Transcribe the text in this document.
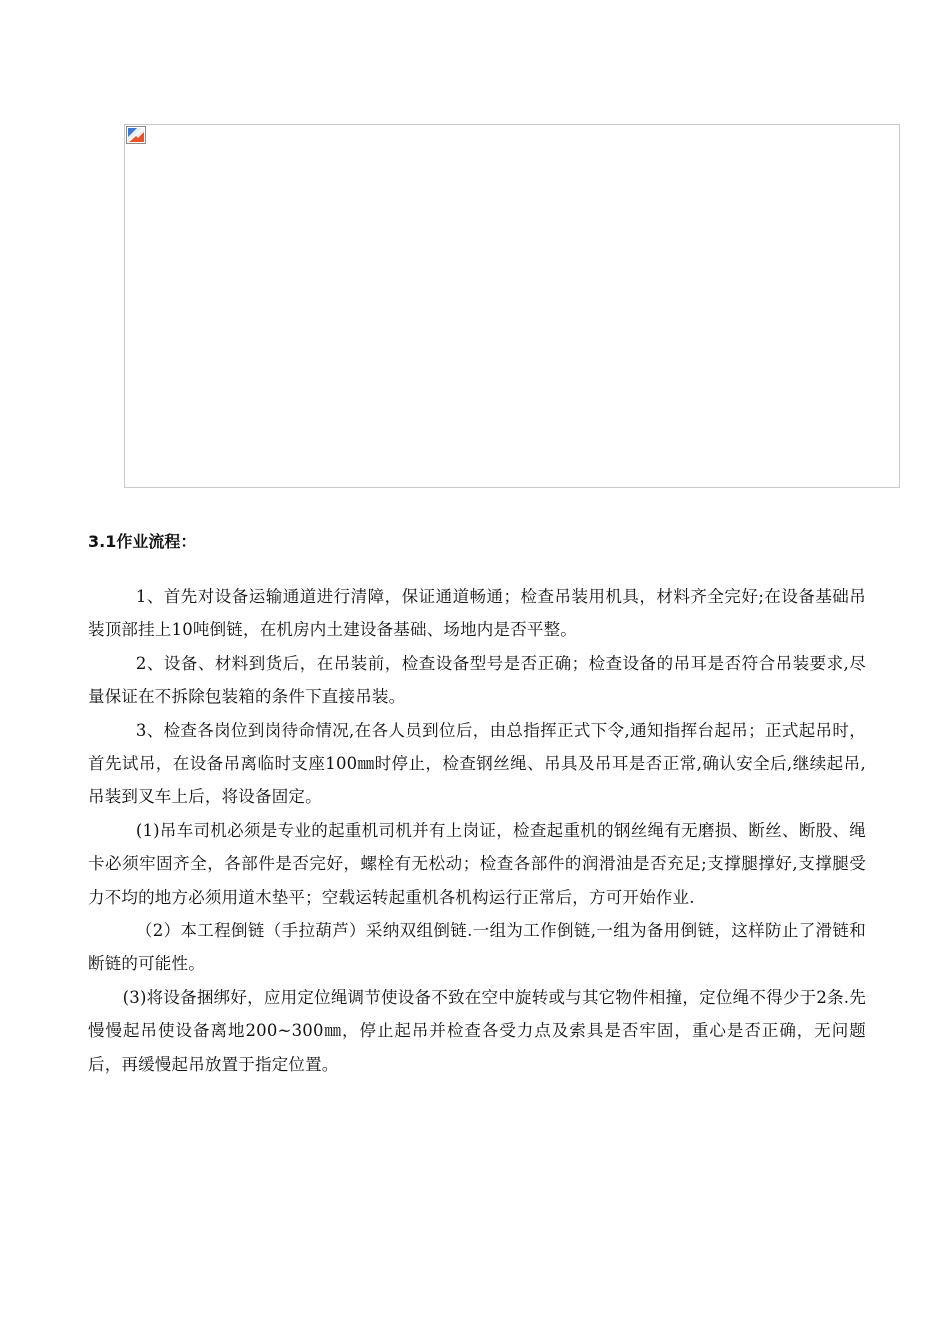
3.1作业流程：

1、首先对设备运输通道进行清障，保证通道畅通；检查吊装用机具，材料齐全完好;在设备基础吊装顶部挂上10吨倒链，在机房内土建设备基础、场地内是否平整。

2、设备、材料到货后，在吊装前，检查设备型号是否正确；检查设备的吊耳是否符合吊装要求,尽量保证在不拆除包装箱的条件下直接吊装。

3、检查各岗位到岗待命情况,在各人员到位后，由总指挥正式下令,通知指挥台起吊；正式起吊时，首先试吊，在设备吊离临时支座100㎜时停止，检查钢丝绳、吊具及吊耳是否正常,确认安全后,继续起吊,吊装到叉车上后，将设备固定。

(1)吊车司机必须是专业的起重机司机并有上岗证，检查起重机的钢丝绳有无磨损、断丝、断股、绳卡必须牢固齐全，各部件是否完好，螺栓有无松动；检查各部件的润滑油是否充足;支撑腿撑好,支撑腿受力不均的地方必须用道木垫平；空载运转起重机各机构运行正常后，方可开始作业.

（2）本工程倒链（手拉葫芦）采纳双组倒链.一组为工作倒链,一组为备用倒链，这样防止了滑链和断链的可能性。

(3)将设备捆绑好，应用定位绳调节使设备不致在空中旋转或与其它物件相撞，定位绳不得少于2条.先慢慢起吊使设备离地200~300㎜，停止起吊并检查各受力点及索具是否牢固，重心是否正确，无问题后，再缓慢起吊放置于指定位置。
